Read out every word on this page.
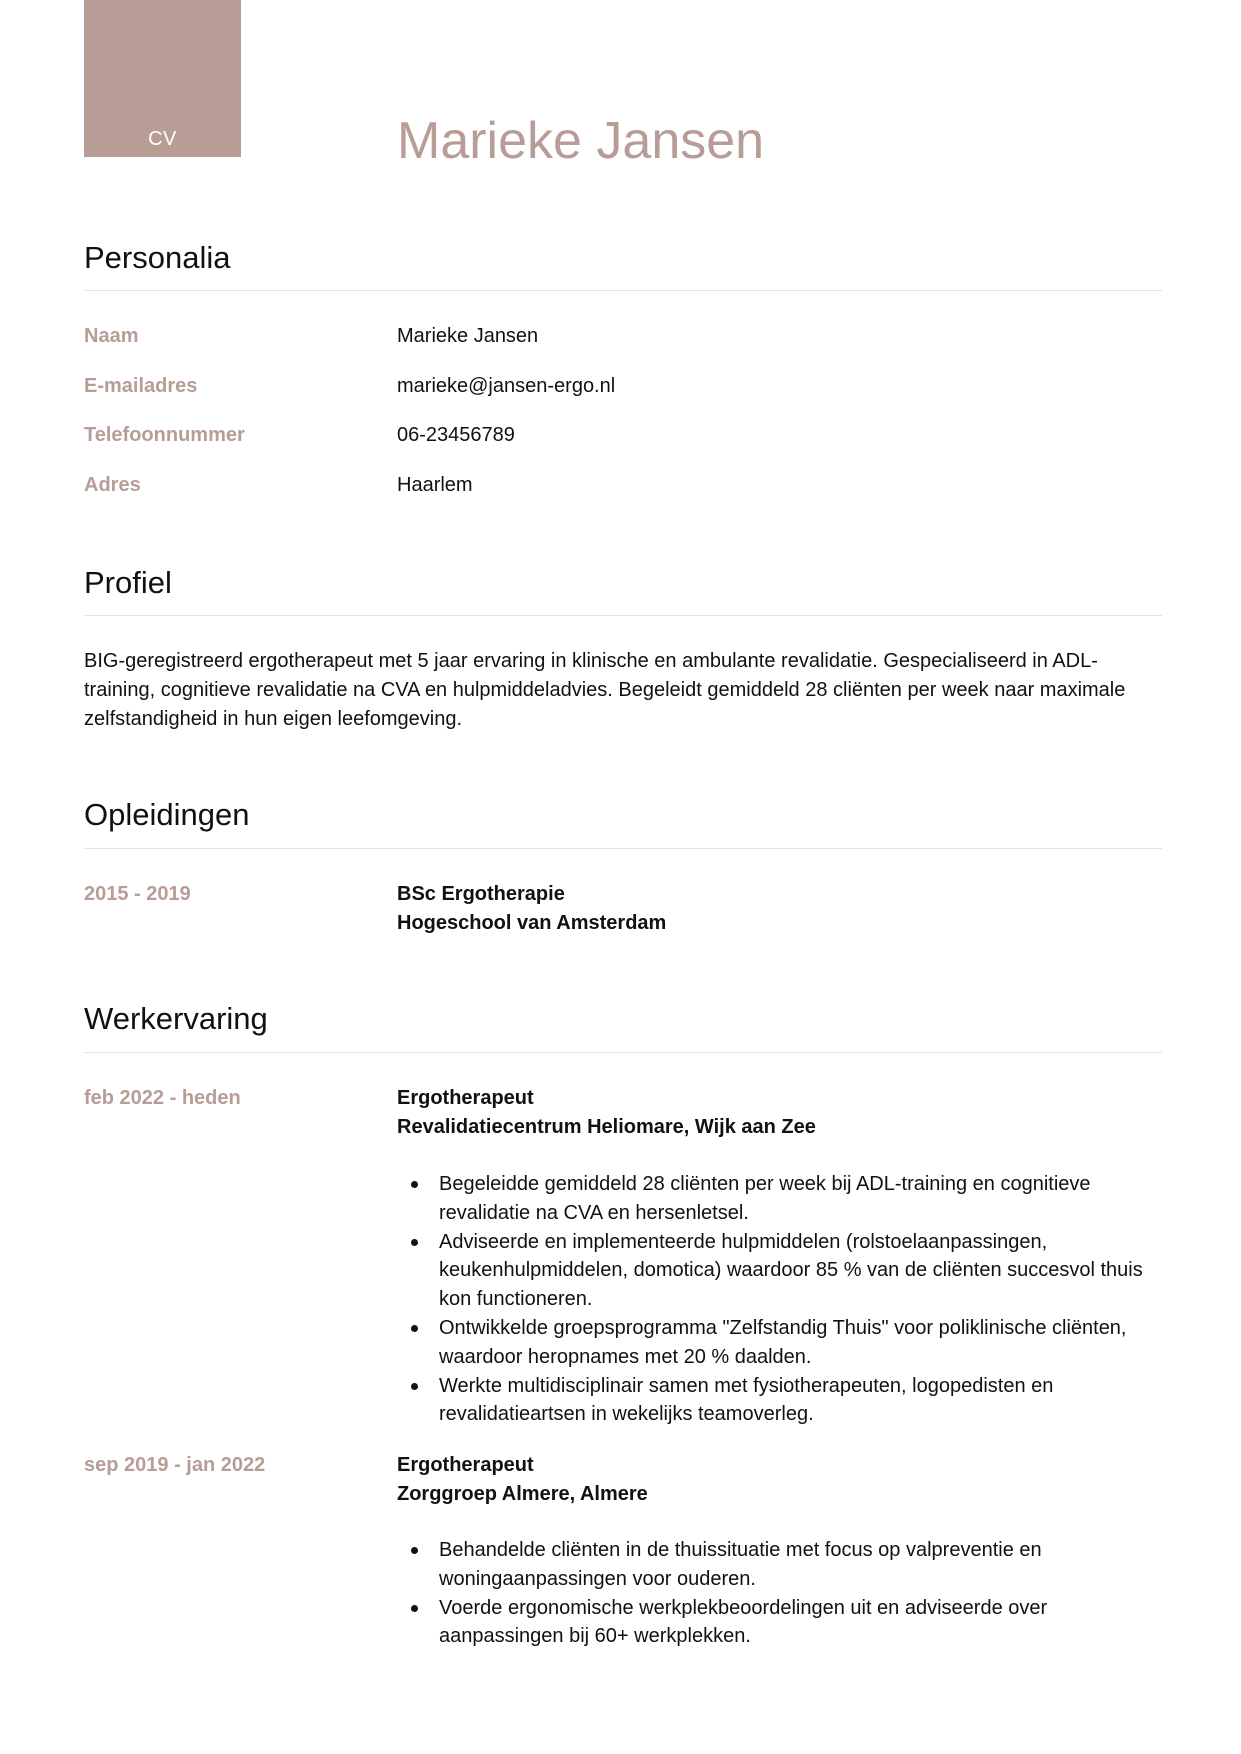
CV	Marieke Jansen
Personalia
Naam	Marieke Jansen
E-mailadres	marieke@jansen-ergo.nl
Telefoonnummer	06-23456789
Adres	Haarlem
Profiel
BIG-geregistreerd ergotherapeut met 5 jaar ervaring in klinische en ambulante revalidatie. Gespecialiseerd in ADL-training, cognitieve revalidatie na CVA en hulpmiddeladvies. Begeleidt gemiddeld 28 cliënten per week naar maximale zelfstandigheid in hun eigen leefomgeving.
Opleidingen
2015 - 2019	BSc Ergotherapie
Hogeschool van Amsterdam
Werkervaring
feb 2022 - heden	Ergotherapeut
Revalidatiecentrum Heliomare, Wijk aan Zee
Begeleidde gemiddeld 28 cliënten per week bij ADL-training en cognitieve revalidatie na CVA en hersenletsel.
Adviseerde en implementeerde hulpmiddelen (rolstoelaanpassingen, keukenhulpmiddelen, domotica) waardoor 85 % van de cliënten succesvol thuis kon functioneren.
Ontwikkelde groepsprogramma "Zelfstandig Thuis" voor poliklinische cliënten, waardoor heropnames met 20 % daalden.
Werkte multidisciplinair samen met fysiotherapeuten, logopedisten en revalidatieartsen in wekelijks teamoverleg.
sep 2019 - jan 2022	Ergotherapeut
Zorggroep Almere, Almere
Behandelde cliënten in de thuissituatie met focus op valpreventie en woningaanpassingen voor ouderen.
Voerde ergonomische werkplekbeoordelingen uit en adviseerde over aanpassingen bij 60+ werkplekken.
